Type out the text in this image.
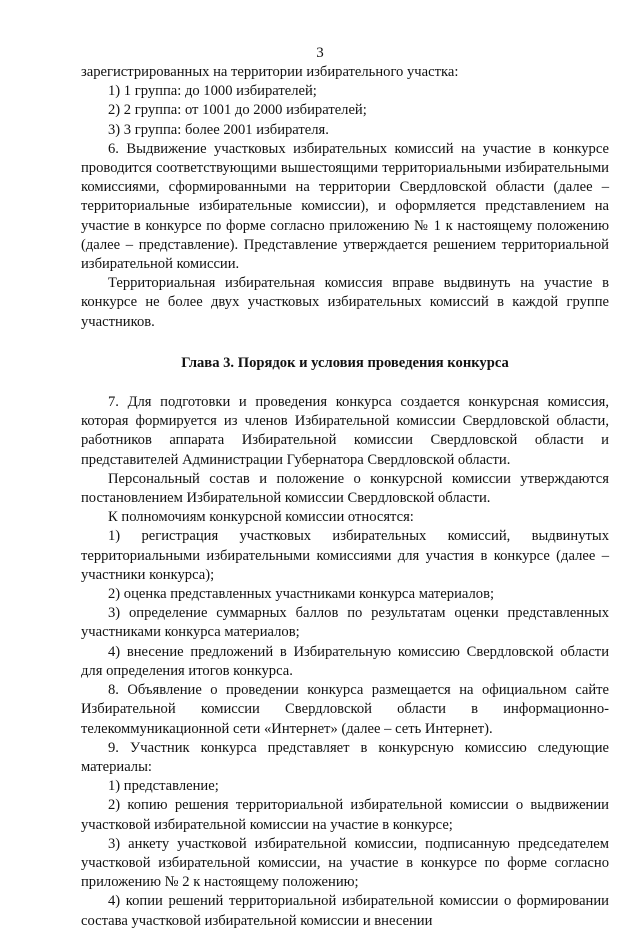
3

зарегистрированных на территории избирательного участка:

1) 1 группа: до 1000 избирателей;

2) 2 группа: от 1001 до 2000 избирателей;

3) 3 группа: более 2001 избирателя.

6. Выдвижение участковых избирательных комиссий на участие в конкурсе проводится соответствующими вышестоящими территориальными избирательными комиссиями, сформированными на территории Свердловской области (далее – территориальные избирательные комиссии), и оформляется представлением на участие в конкурсе по форме согласно приложению № 1 к настоящему положению (далее – представление). Представление утверждается решением территориальной избирательной комиссии.

Территориальная избирательная комиссия вправе выдвинуть на участие в конкурсе не более двух участковых избирательных комиссий в каждой группе участников.

Глава 3. Порядок и условия проведения конкурса

7. Для подготовки и проведения конкурса создается конкурсная комиссия, которая формируется из членов Избирательной комиссии Свердловской области, работников аппарата Избирательной комиссии Свердловской области и представителей Администрации Губернатора Свердловской области.

Персональный состав и положение о конкурсной комиссии утверждаются постановлением Избирательной комиссии Свердловской области.

К полномочиям конкурсной комиссии относятся:

1) регистрация участковых избирательных комиссий, выдвинутых территориальными избирательными комиссиями для участия в конкурсе (далее – участники конкурса);

2) оценка представленных участниками конкурса материалов;

3) определение суммарных баллов по результатам оценки представленных участниками конкурса материалов;

4) внесение предложений в Избирательную комиссию Свердловской области для определения итогов конкурса.

8. Объявление о проведении конкурса размещается на официальном сайте Избирательной комиссии Свердловской области в информационно-телекоммуникационной сети «Интернет» (далее – сеть Интернет).

9. Участник конкурса представляет в конкурсную комиссию следующие материалы:

1) представление;

2) копию решения территориальной избирательной комиссии о выдвижении участковой избирательной комиссии на участие в конкурсе;

3) анкету участковой избирательной комиссии, подписанную председателем участковой избирательной комиссии, на участие в конкурсе по форме согласно приложению № 2 к настоящему положению;

4) копии решений территориальной избирательной комиссии о формировании состава участковой избирательной комиссии и внесении
